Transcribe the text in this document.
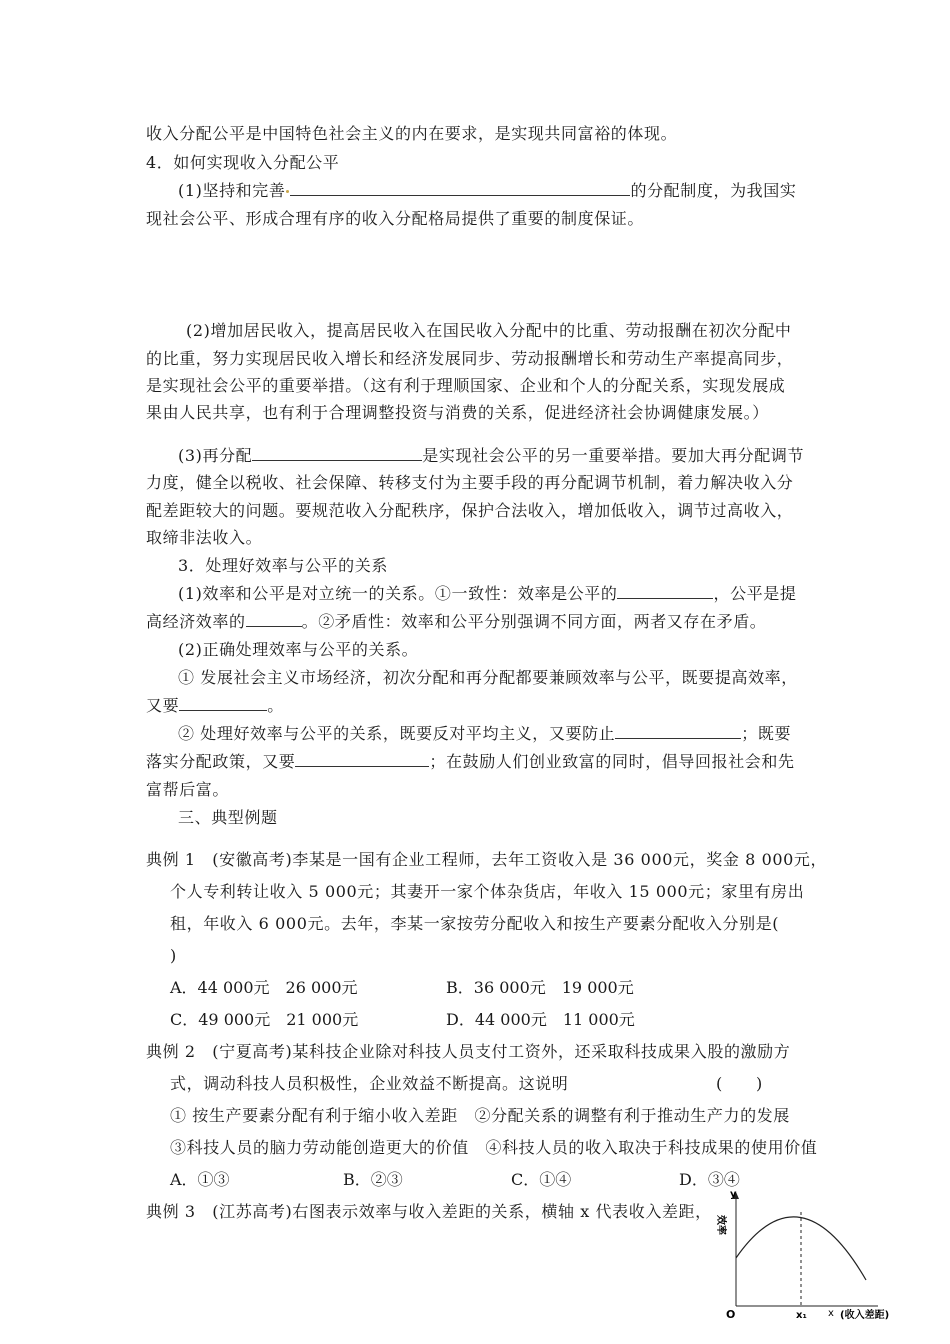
收入分配公平是中国特色社会主义的内在要求，是实现共同富裕的体现。
4．如何实现收入分配公平
(1)坚持和完善	的分配制度，为我国实
现社会公平、形成合理有序的收入分配格局提供了重要的制度保证。
(2)增加居民收入，提高居民收入在国民收入分配中的比重、劳动报酬在初次分配中
的比重，努力实现居民收入增长和经济发展同步、劳动报酬增长和劳动生产率提高同步，
是实现社会公平的重要举措。（这有利于理顺国家、企业和个人的分配关系，实现发展成
果由人民共享，也有利于合理调整投资与消费的关系，促进经济社会协调健康发展。）
(3)再分配	是实现社会公平的另一重要举措。要加大再分配调节
力度，健全以税收、社会保障、转移支付为主要手段的再分配调节机制，着力解决收入分
配差距较大的问题。要规范收入分配秩序，保护合法收入，增加低收入，调节过高收入，
取缔非法收入。
3．处理好效率与公平的关系
(1)效率和公平是对立统一的关系。①一致性：效率是公平的	，公平是提
高经济效率的	。②矛盾性：效率和公平分别强调不同方面，两者又存在矛盾。
(2)正确处理效率与公平的关系。
① 发展社会主义市场经济，初次分配和再分配都要兼顾效率与公平，既要提高效率，
又要	。
② 处理好效率与公平的关系，既要反对平均主义，又要防止	；既要
落实分配政策，又要	；在鼓励人们创业致富的同时，倡导回报社会和先
富帮后富。
三、典型例题
典例 1　(安徽高考)李某是一国有企业工程师，去年工资收入是 36 000元，奖金 8 000元，
个人专利转让收入 5 000元；其妻开一家个体杂货店，年收入 15 000元；家里有房出
租，年收入 6 000元。去年，李某一家按劳分配收入和按生产要素分配收入分别是(
)
A．44 000元　26 000元	B．36 000元　19 000元
C．49 000元　21 000元	D．44 000元　11 000元
典例 2　(宁夏高考)某科技企业除对科技人员支付工资外，还采取科技成果入股的激励方
式，调动科技人员积极性，企业效益不断提高。这说明	(　　)
① 按生产要素分配有利于缩小收入差距　②分配关系的调整有利于推动生产力的发展
③科技人员的脑力劳动能创造更大的价值　④科技人员的收入取决于科技成果的使用价值
A．①③	B．②③	C．①④	D．③④
典例 3　(江苏高考)右图表示效率与收入差距的关系，横轴 x 代表收入差距，
y
效率
O	x₁ x (收入差距)
